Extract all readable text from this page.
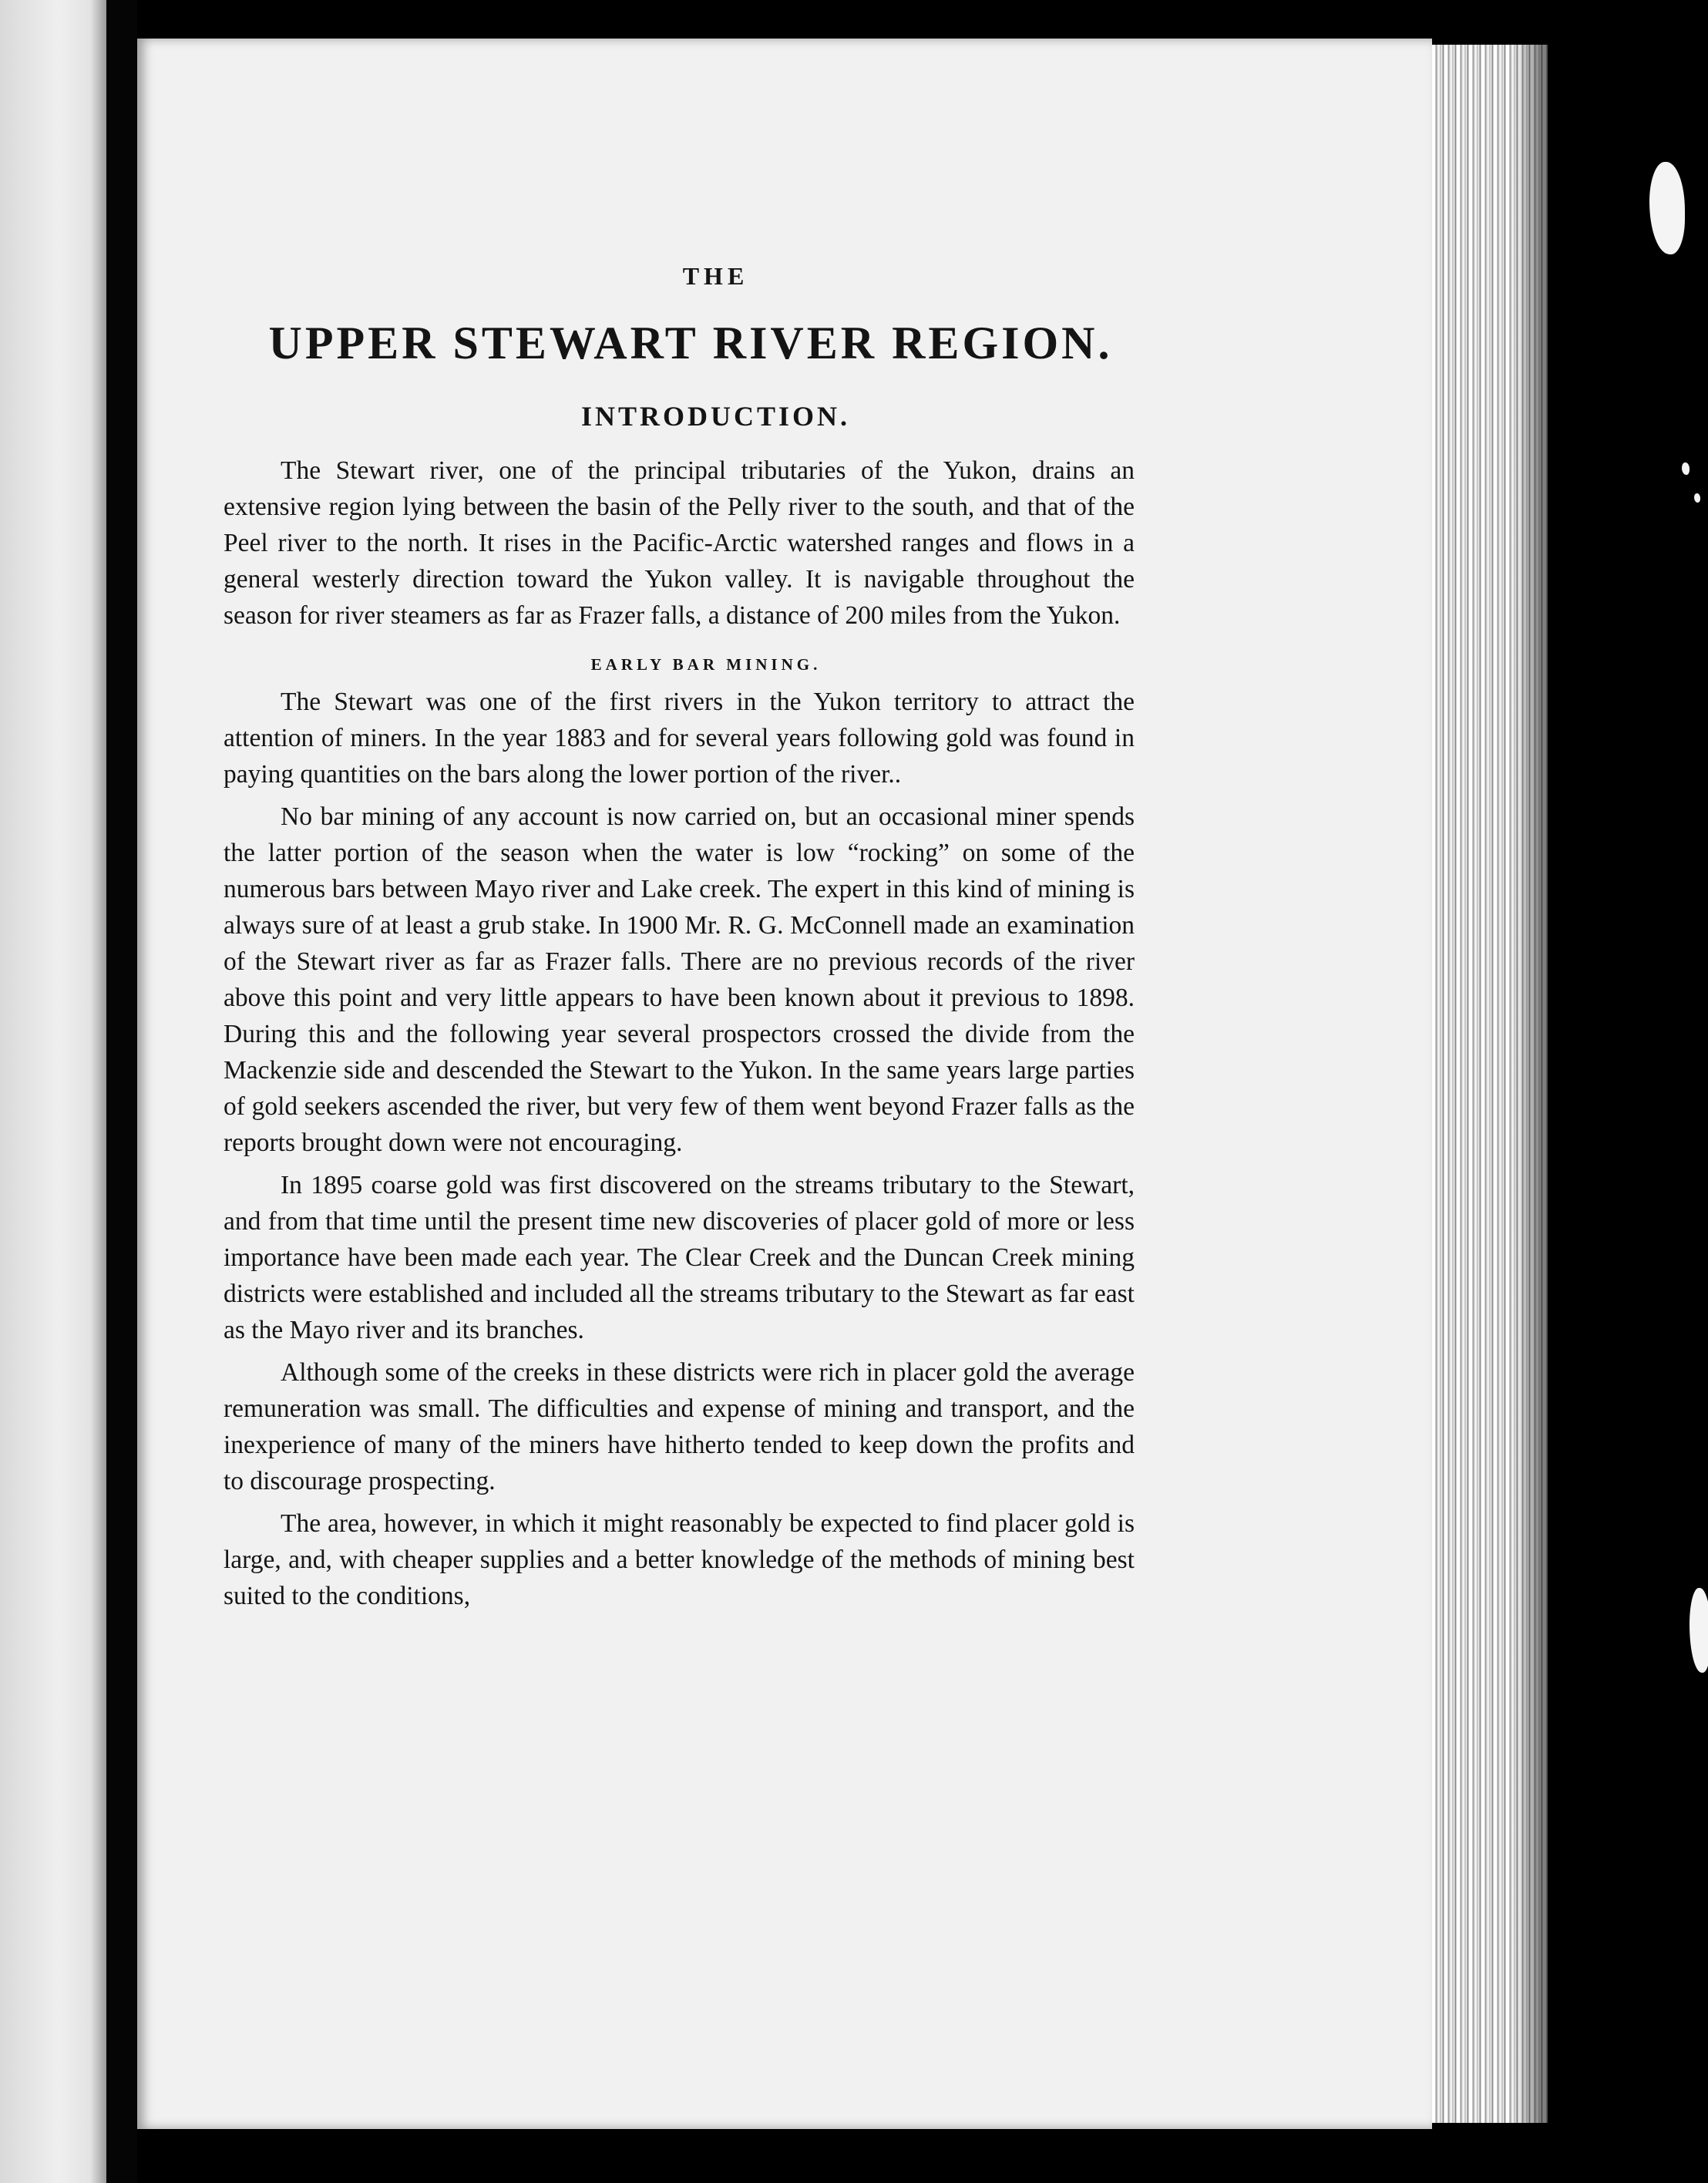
THE
UPPER STEWART RIVER REGION.
INTRODUCTION.

The Stewart river, one of the principal tributaries of the Yukon, drains an extensive region lying between the basin of the Pelly river to the south, and that of the Peel river to the north. It rises in the Pacific-Arctic watershed ranges and flows in a general westerly direction toward the Yukon valley. It is navigable throughout the season for river steamers as far as Frazer falls, a distance of 200 miles from the Yukon.

EARLY BAR MINING.

The Stewart was one of the first rivers in the Yukon territory to attract the attention of miners. In the year 1883 and for several years following gold was found in paying quantities on the bars along the lower portion of the river..

No bar mining of any account is now carried on, but an occasional miner spends the latter portion of the season when the water is low “rocking” on some of the numerous bars between Mayo river and Lake creek. The expert in this kind of mining is always sure of at least a grub stake. In 1900 Mr. R. G. McConnell made an examination of the Stewart river as far as Frazer falls. There are no previous records of the river above this point and very little appears to have been known about it previous to 1898. During this and the following year several prospectors crossed the divide from the Mackenzie side and descended the Stewart to the Yukon. In the same years large parties of gold seekers ascended the river, but very few of them went beyond Frazer falls as the reports brought down were not encouraging.

In 1895 coarse gold was first discovered on the streams tributary to the Stewart, and from that time until the present time new discoveries of placer gold of more or less importance have been made each year. The Clear Creek and the Duncan Creek mining districts were established and included all the streams tributary to the Stewart as far east as the Mayo river and its branches.

Although some of the creeks in these districts were rich in placer gold the average remuneration was small. The difficulties and expense of mining and transport, and the inexperience of many of the miners have hitherto tended to keep down the profits and to discourage prospecting.

The area, however, in which it might reasonably be expected to find placer gold is large, and, with cheaper supplies and a better knowledge of the methods of mining best suited to the conditions,
